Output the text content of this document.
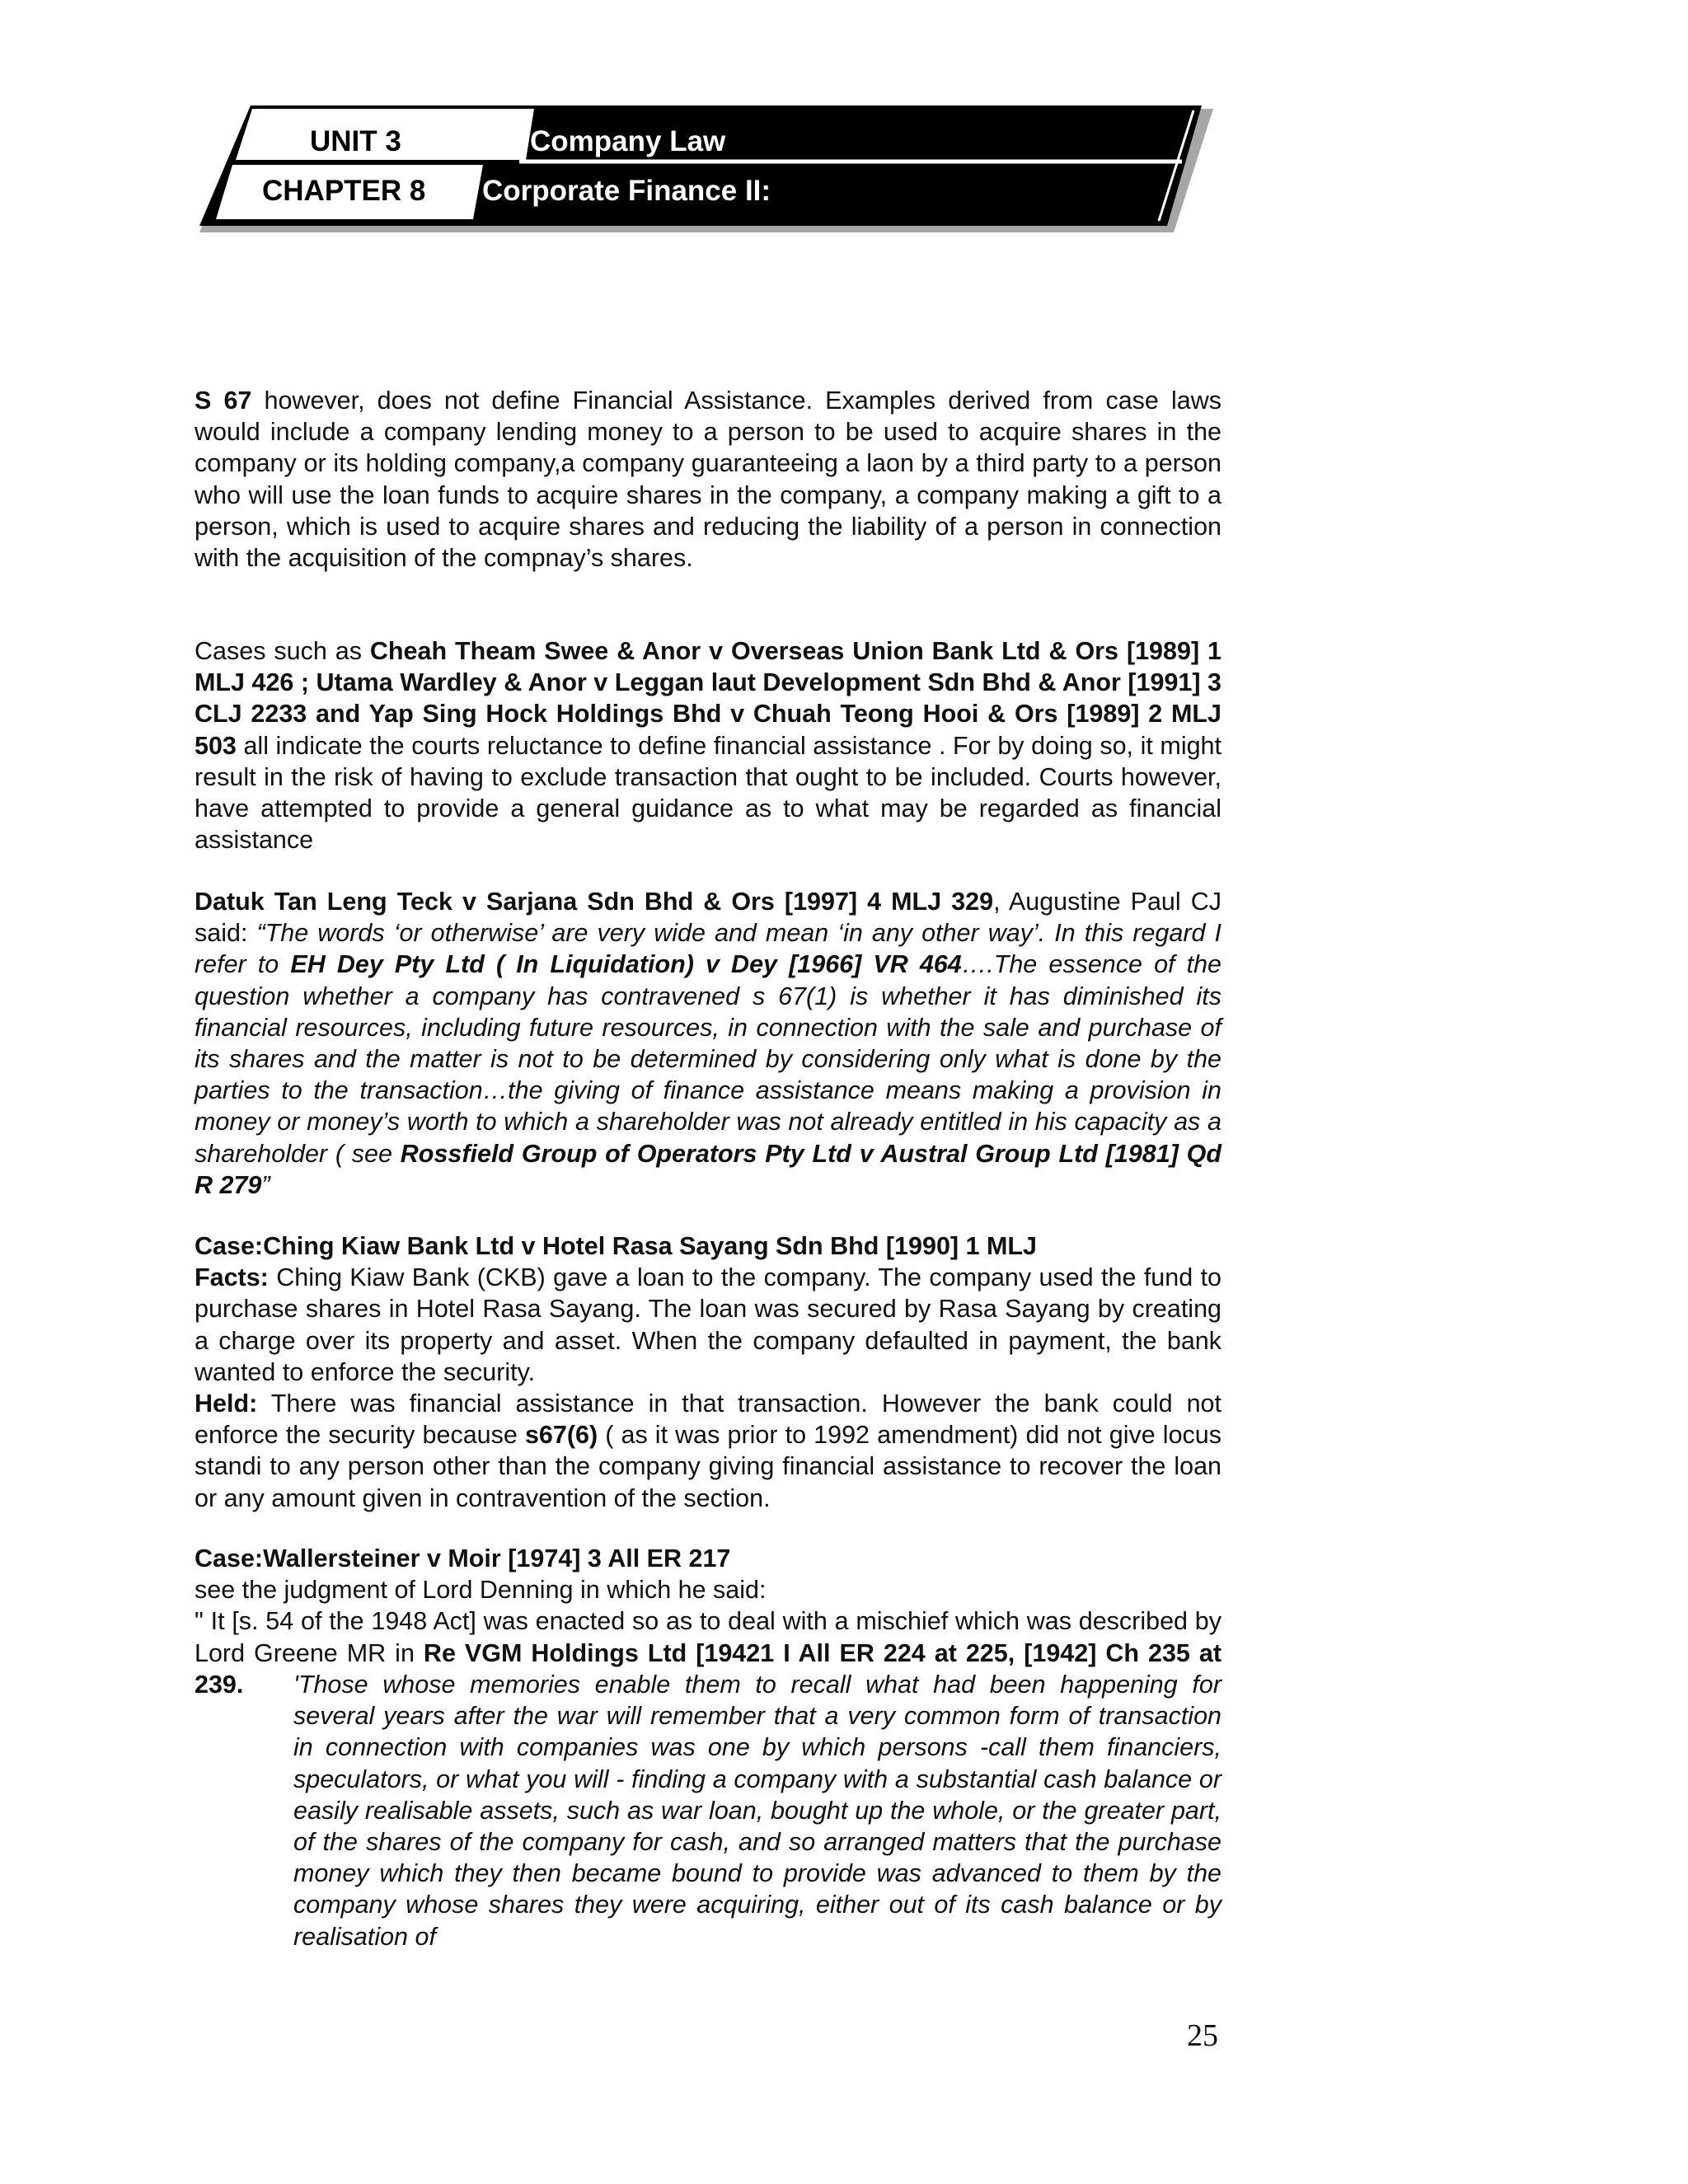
UNIT 3	Company Law
CHAPTER 8 Corporate Finance II:

S 67 however, does not define Financial Assistance. Examples derived from case laws would include a company lending money to a person to be used to acquire shares in the company or its holding company,a company guaranteeing a laon by a third party to a person who will use the loan funds to acquire shares in the company, a company making a gift to a person, which is used to acquire shares and reducing the liability of a person in connection with the acquisition of the compnay’s shares.

Cases such as Cheah Theam Swee & Anor v Overseas Union Bank Ltd & Ors [1989] 1 MLJ 426 ; Utama Wardley & Anor v Leggan laut Development Sdn Bhd & Anor [1991] 3 CLJ 2233 and Yap Sing Hock Holdings Bhd v Chuah Teong Hooi & Ors [1989] 2 MLJ 503 all indicate the courts reluctance to define financial assistance . For by doing so, it might result in the risk of having to exclude transaction that ought to be included. Courts however, have attempted to provide a general guidance as to what may be regarded as financial assistance

Datuk Tan Leng Teck v Sarjana Sdn Bhd & Ors [1997] 4 MLJ 329, Augustine Paul CJ said: “The words ‘or otherwise’ are very wide and mean ‘in any other way’. In this regard I refer to EH Dey Pty Ltd ( In Liquidation) v Dey [1966] VR 464….The essence of the question whether a company has contravened s 67(1) is whether it has diminished its financial resources, including future resources, in connection with the sale and purchase of its shares and the matter is not to be determined by considering only what is done by the parties to the transaction…the giving of finance assistance means making a provision in money or money’s worth to which a shareholder was not already entitled in his capacity as a shareholder ( see Rossfield Group of Operators Pty Ltd v Austral Group Ltd [1981] Qd R 279”

Case:Ching Kiaw Bank Ltd v Hotel Rasa Sayang Sdn Bhd [1990] 1 MLJ
Facts: Ching Kiaw Bank (CKB) gave a loan to the company. The company used the fund to purchase shares in Hotel Rasa Sayang. The loan was secured by Rasa Sayang by creating a charge over its property and asset. When the company defaulted in payment, the bank wanted to enforce the security.
Held: There was financial assistance in that transaction. However the bank could not enforce the security because s67(6) ( as it was prior to 1992 amendment) did not give locus standi to any person other than the company giving financial assistance to recover the loan or any amount given in contravention of the section.

Case:Wallersteiner v Moir [1974] 3 All ER 217
see the judgment of Lord Denning in which he said:
" It [s. 54 of the 1948 Act] was enacted so as to deal with a mischief which was described by Lord Greene MR in Re VGM Holdings Ltd [19421 I All ER 224 at 225, [1942] Ch 235 at 239.	'Those whose memories enable them to recall what had been happening for several years after the war will remember that a very common form of transaction in connection with companies was one by which persons -call them financiers, speculators, or what you will - finding a company with a substantial cash balance or easily realisable assets, such as war loan, bought up the whole, or the greater part, of the shares of the company for cash, and so arranged matters that the purchase money which they then became bound to provide was advanced to them by the company whose shares they were acquiring, either out of its cash balance or by realisation of

25
